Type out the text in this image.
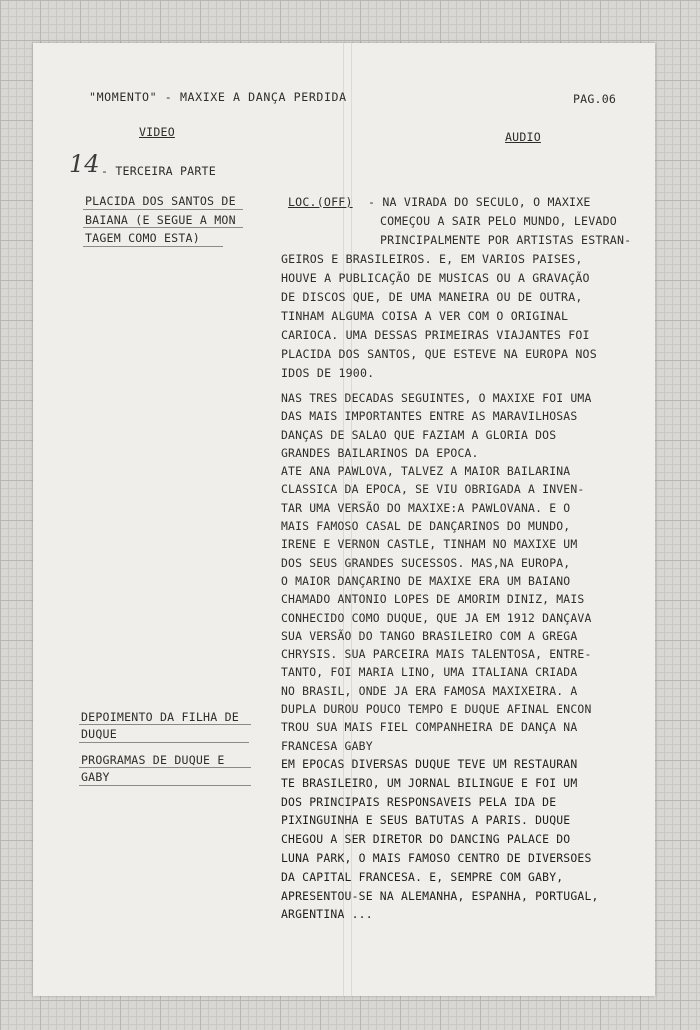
"MOMENTO" - MAXIXE A DANÇA PERDIDA	PAG.06
VIDEO	AUDIO
14 - TERCEIRA PARTE
PLACIDA DOS SANTOS DE
BAIANA (E SEGUE A MON
TAGEM COMO ESTA)
LOC.(OFF) - NA VIRADA DO SECULO, O MAXIXE
COMEÇOU A SAIR PELO MUNDO, LEVADO
PRINCIPALMENTE POR ARTISTAS ESTRAN-
GEIROS E BRASILEIROS. E, EM VARIOS PAISES,
HOUVE A PUBLICAÇÃO DE MUSICAS OU A GRAVAÇÃO
DE DISCOS QUE, DE UMA MANEIRA OU DE OUTRA,
TINHAM ALGUMA COISA A VER COM O ORIGINAL
CARIOCA. UMA DESSAS PRIMEIRAS VIAJANTES FOI
PLACIDA DOS SANTOS, QUE ESTEVE NA EUROPA NOS
IDOS DE 1900.
NAS TRES DECADAS SEGUINTES, O MAXIXE FOI UMA
DAS MAIS IMPORTANTES ENTRE AS MARAVILHOSAS
DANÇAS DE SALAO QUE FAZIAM A GLORIA DOS
GRANDES BAILARINOS DA EPOCA.
ATE ANA PAWLOVA, TALVEZ A MAIOR BAILARINA
CLASSICA DA EPOCA, SE VIU OBRIGADA A INVEN-
TAR UMA VERSÃO DO MAXIXE:A PAWLOVANA. E O
MAIS FAMOSO CASAL DE DANÇARINOS DO MUNDO,
IRENE E VERNON CASTLE, TINHAM NO MAXIXE UM
DOS SEUS GRANDES SUCESSOS. MAS,NA EUROPA,
O MAIOR DANÇARINO DE MAXIXE ERA UM BAIANO
CHAMADO ANTONIO LOPES DE AMORIM DINIZ, MAIS
CONHECIDO COMO DUQUE, QUE JA EM 1912 DANÇAVA
SUA VERSÃO DO TANGO BRASILEIRO COM A GREGA
CHRYSIS. SUA PARCEIRA MAIS TALENTOSA, ENTRE-
TANTO, FOI MARIA LINO, UMA ITALIANA CRIADA
NO BRASIL, ONDE JA ERA FAMOSA MAXIXEIRA. A
DUPLA DUROU POUCO TEMPO E DUQUE AFINAL ENCON
TROU SUA MAIS FIEL COMPANHEIRA DE DANÇA NA
FRANCESA GABY
DEPOIMENTO DA FILHA DE
DUQUE
PROGRAMAS DE DUQUE E
GABY
EM EPOCAS DIVERSAS DUQUE TEVE UM RESTAURAN
TE BRASILEIRO, UM JORNAL BILINGUE E FOI UM
DOS PRINCIPAIS RESPONSAVEIS PELA IDA DE
PIXINGUINHA E SEUS BATUTAS A PARIS. DUQUE
CHEGOU A SER DIRETOR DO DANCING PALACE DO
LUNA PARK, O MAIS FAMOSO CENTRO DE DIVERSOES
DA CAPITAL FRANCESA. E, SEMPRE COM GABY,
APRESENTOU-SE NA ALEMANHA, ESPANHA, PORTUGAL,
ARGENTINA ...
